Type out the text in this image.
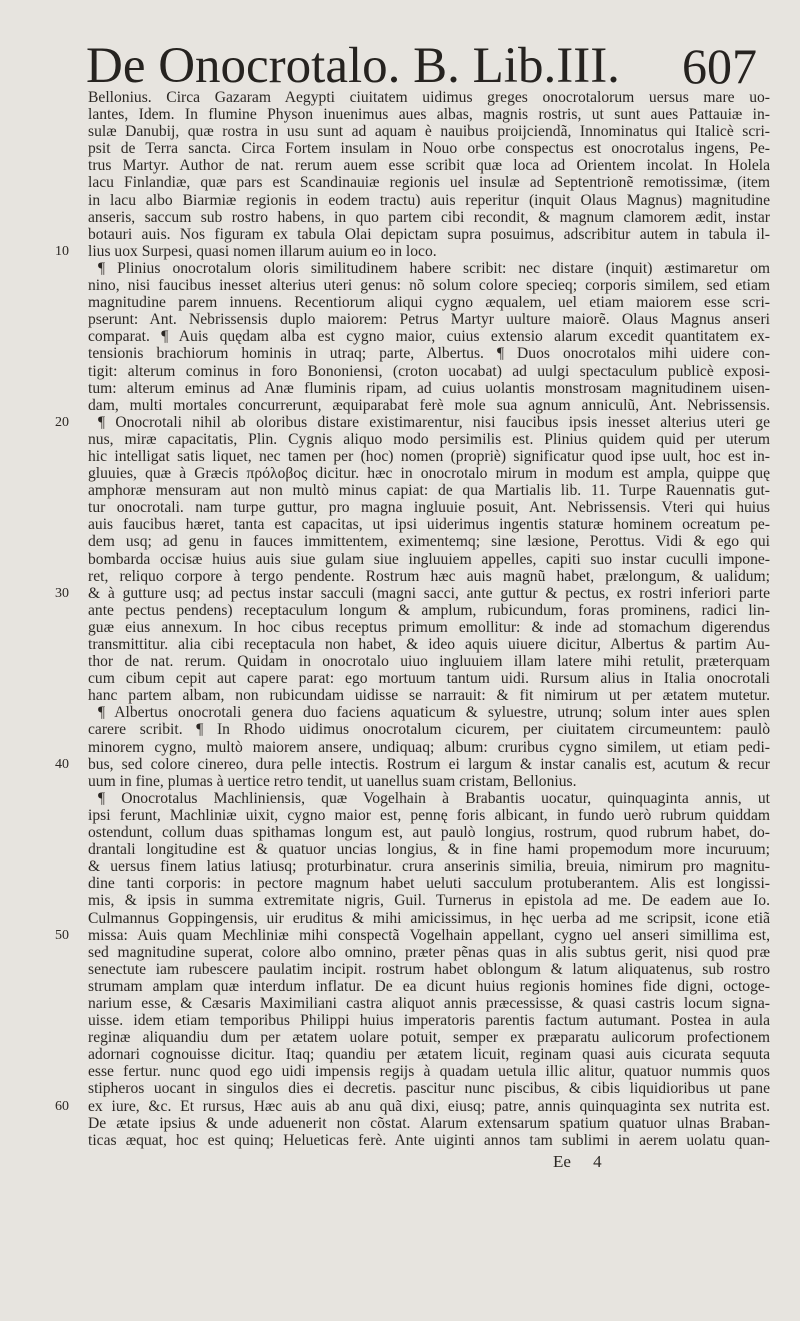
De Onocrotalo. B. Lib.III. 607
Bellonius. Circa Gazaram Aegypti ciuitatem uidimus greges onocrotalorum uersus mare uo-
lantes, Idem. In flumine Physon inuenimus aues albas, magnis rostris, ut sunt aues Pattauiæ in-
sulæ Danubij, quæ rostra in usu sunt ad aquam è nauibus proijciendã, Innominatus qui Italicè scri-
psit de Terra sancta. Circa Fortem insulam in Nouo orbe conspectus est onocrotalus ingens, Pe-
trus Martyr. Author de nat. rerum auem esse scribit quæ loca ad Orientem incolat. In Holela
lacu Finlandiæ, quæ pars est Scandinauiæ regionis uel insulæ ad Septentrionẽ remotissimæ, (item
in lacu albo Biarmiæ regionis in eodem tractu) auis reperitur (inquit Olaus Magnus) magnitudine
anseris, saccum sub rostro habens, in quo partem cibi recondit, & magnum clamorem ædit, instar
botauri auis. Nos figuram ex tabula Olai depictam supra posuimus, adscribitur autem in tabula il-
lius uox Surpesi, quasi nomen illarum auium eo in loco.
10
¶ Plinius onocrotalum oloris similitudinem habere scribit: nec distare (inquit) æstimaretur om
nino, nisi faucibus inesset alterius uteri genus: nõ solum colore specieq; corporis similem, sed etiam
magnitudine parem innuens. Recentiorum aliqui cygno æqualem, uel etiam maiorem esse scri-
pserunt: Ant. Nebrissensis duplo maiorem: Petrus Martyr uulture maiorẽ. Olaus Magnus anseri
comparat. ¶ Auis quędam alba est cygno maior, cuius extensio alarum excedit quantitatem ex-
tensionis brachiorum hominis in utraq; parte, Albertus. ¶ Duos onocrotalos mihi uidere con-
tigit: alterum cominus in foro Bononiensi, (croton uocabat) ad uulgi spectaculum publicè exposi-
tum: alterum eminus ad Anæ fluminis ripam, ad cuius uolantis monstrosam magnitudinem uisen-
dam, multi mortales concurrerunt, æquiparabat ferè mole sua agnum anniculũ, Ant. Nebrissensis.
¶ Onocrotali nihil ab oloribus distare existimarentur, nisi faucibus ipsis inesset alterius uteri ge
20
nus, miræ capacitatis, Plin. Cygnis aliquo modo persimilis est. Plinius quidem quid per uterum
hic intelligat satis liquet, nec tamen per (hoc) nomen (propriè) significatur quod ipse uult, hoc est in-
gluuies, quæ à Græcis πρόλοβος dicitur. hæc in onocrotalo mirum in modum est ampla, quippe quę
amphoræ mensuram aut non multò minus capiat: de qua Martialis lib. 11. Turpe Rauennatis gut-
tur onocrotali. nam turpe guttur, pro magna ingluuie posuit, Ant. Nebrissensis. Vteri qui huius
auis faucibus hæret, tanta est capacitas, ut ipsi uiderimus ingentis staturæ hominem ocreatum pe-
dem usq; ad genu in fauces immittentem, eximentemq; sine læsione, Perottus. Vidi & ego qui
bombarda occisæ huius auis siue gulam siue ingluuiem appelles, capiti suo instar cuculli impone-
ret, reliquo corpore à tergo pendente. Rostrum hæc auis magnũ habet, prælongum, & ualidum;
& à gutture usq; ad pectus instar sacculi (magni sacci, ante guttur & pectus, ex rostri inferiori parte
30
ante pectus pendens) receptaculum longum & amplum, rubicundum, foras prominens, radici lin-
guæ eius annexum. In hoc cibus receptus primum emollitur: & inde ad stomachum digerendus
transmittitur. alia cibi receptacula non habet, & ideo aquis uiuere dicitur, Albertus & partim Au-
thor de nat. rerum. Quidam in onocrotalo uiuo ingluuiem illam latere mihi retulit, præterquam
cum cibum cepit aut capere parat: ego mortuum tantum uidi. Rursum alius in Italia onocrotali
hanc partem albam, non rubicundam uidisse se narrauit: & fit nimirum ut per ætatem mutetur.
¶ Albertus onocrotali genera duo faciens aquaticum & syluestre, utrunq; solum inter aues splen
carere scribit. ¶ In Rhodo uidimus onocrotalum cicurem, per ciuitatem circumeuntem: paulò
minorem cygno, multò maiorem ansere, undiquaq; album: cruribus cygno similem, ut etiam pedi-
bus, sed colore cinereo, dura pelle intectis. Rostrum ei largum & instar canalis est, acutum & recur
40
uum in fine, plumas à uertice retro tendit, ut uanellus suam cristam, Bellonius.
¶ Onocrotalus Machliniensis, quæ Vogelhain à Brabantis uocatur, quinquaginta annis, ut
ipsi ferunt, Machliniæ uixit, cygno maior est, pennę foris albicant, in fundo uerò rubrum quiddam
ostendunt, collum duas spithamas longum est, aut paulò longius, rostrum, quod rubrum habet, do-
drantali longitudine est & quatuor uncias longius, & in fine hami propemodum more incuruum;
& uersus finem latius latiusq; proturbinatur. crura anserinis similia, breuia, nimirum pro magnitu-
dine tanti corporis: in pectore magnum habet ueluti sacculum protuberantem. Alis est longissi-
mis, & ipsis in summa extremitate nigris, Guil. Turnerus in epistola ad me. De eadem aue Io.
Culmannus Goppingensis, uir eruditus & mihi amicissimus, in hęc uerba ad me scripsit, icone etiã
missa: Auis quam Mechliniæ mihi conspectã Vogelhain appellant, cygno uel anseri simillima est,
50
sed magnitudine superat, colore albo omnino, præter pẽnas quas in alis subtus gerit, nisi quod præ
senectute iam rubescere paulatim incipit. rostrum habet oblongum & latum aliquatenus, sub rostro
strumam amplam quæ interdum inflatur. De ea dicunt huius regionis homines fide digni, octoge-
narium esse, & Cæsaris Maximiliani castra aliquot annis præcessisse, & quasi castris locum signa-
uisse. idem etiam temporibus Philippi huius imperatoris parentis factum autumant. Postea in aula
reginæ aliquandiu dum per ætatem uolare potuit, semper ex præparatu aulicorum profectionem
adornari cognouisse dicitur. Itaq; quandiu per ætatem licuit, reginam quasi auis cicurata sequuta
esse fertur. nunc quod ego uidi impensis regijs à quadam uetula illic alitur, quatuor nummis quos
stipheros uocant in singulos dies ei decretis. pascitur nunc piscibus, & cibis liquidioribus ut pane
ex iure, &c. Et rursus, Hæc auis ab anu quã dixi, eiusq; patre, annis quinquaginta sex nutrita est.
60
De ætate ipsius & unde aduenerit non cõstat. Alarum extensarum spatium quatuor ulnas Braban-
ticas æquat, hoc est quinq; Helueticas ferè. Ante uiginti annos tam sublimi in aerem uolatu quan-
Ee 4
